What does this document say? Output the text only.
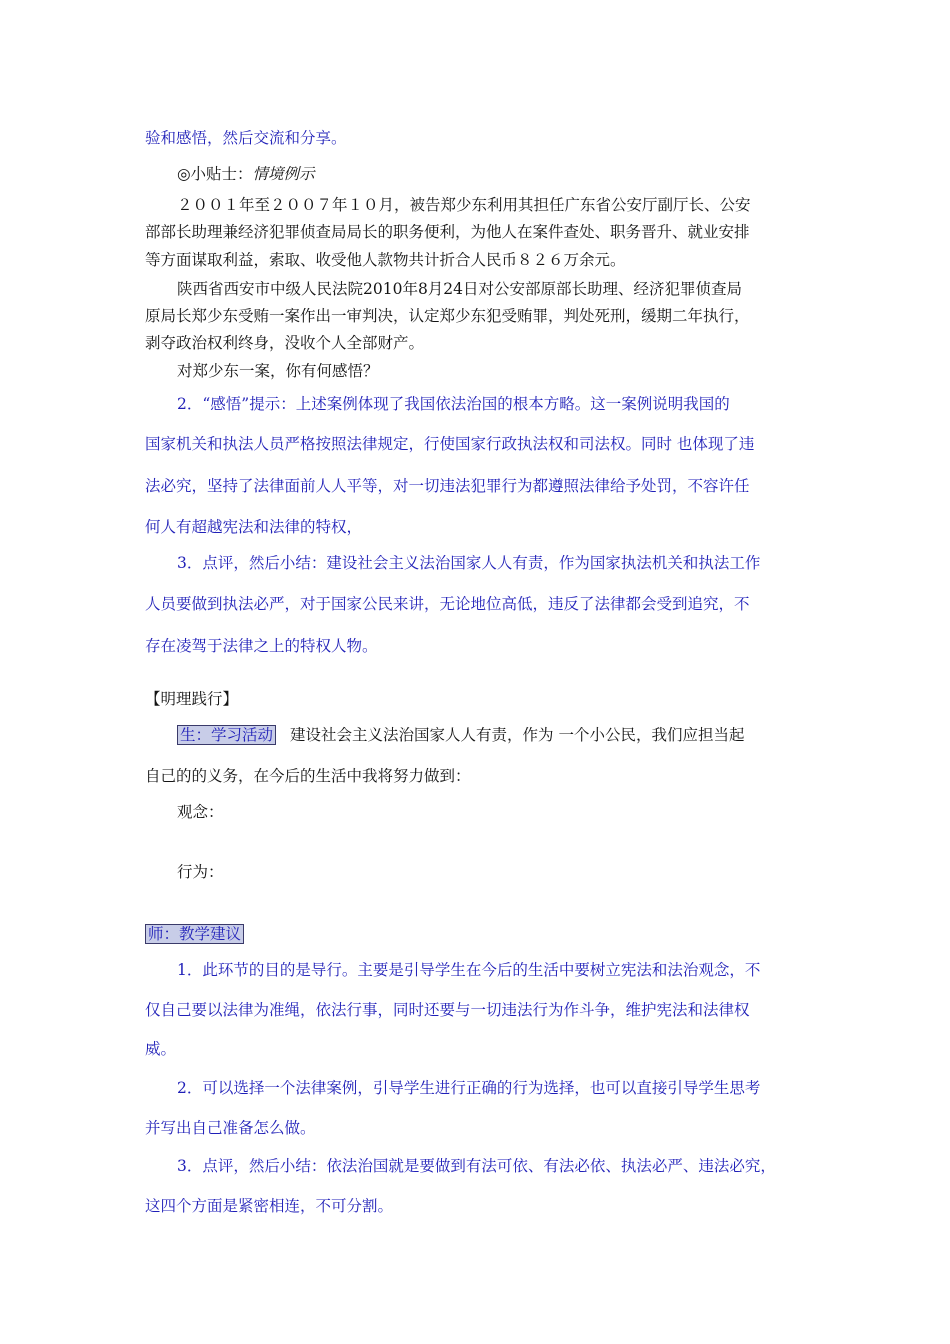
验和感悟，然后交流和分享。
◎小贴士：情境例示
２００１年至２００７年１０月，被告郑少东利用其担任广东省公安厅副厅长、公安
部部长助理兼经济犯罪侦查局局长的职务便利，为他人在案件查处、职务晋升、就业安排
等方面谋取利益，索取、收受他人款物共计折合人民币８２６万余元。
陕西省西安市中级人民法院2010年8月24日对公安部原部长助理、经济犯罪侦查局
原局长郑少东受贿一案作出一审判决，认定郑少东犯受贿罪，判处死刑，缓期二年执行，
剥夺政治权利终身，没收个人全部财产。
对郑少东一案，你有何感悟？
2．“感悟”提示：上述案例体现了我国依法治国的根本方略。这一案例说明我国的
国家机关和执法人员严格按照法律规定，行使国家行政执法权和司法权。同时 也体现了违
法必究，坚持了法律面前人人平等，对一切违法犯罪行为都遵照法律给予处罚，不容许任
何人有超越宪法和法律的特权，
3．点评，然后小结：建设社会主义法治国家人人有责，作为国家执法机关和执法工作
人员要做到执法必严，对于国家公民来讲，无论地位高低，违反了法律都会受到追究，不
存在凌驾于法律之上的特权人物。
【明理践行】
生：学习活动 建设社会主义法治国家人人有责，作为 一个小公民，我们应担当起
自己的的义务，在今后的生活中我将努力做到：
观念：
行为：
师：教学建议
1．此环节的目的是导行。主要是引导学生在今后的生活中要树立宪法和法治观念，不
仅自己要以法律为准绳，依法行事，同时还要与一切违法行为作斗争，维护宪法和法律权
威。
2．可以选择一个法律案例，引导学生进行正确的行为选择，也可以直接引导学生思考
并写出自己准备怎么做。
3．点评，然后小结：依法治国就是要做到有法可依、有法必依、执法必严、违法必究，
这四个方面是紧密相连，不可分割。
